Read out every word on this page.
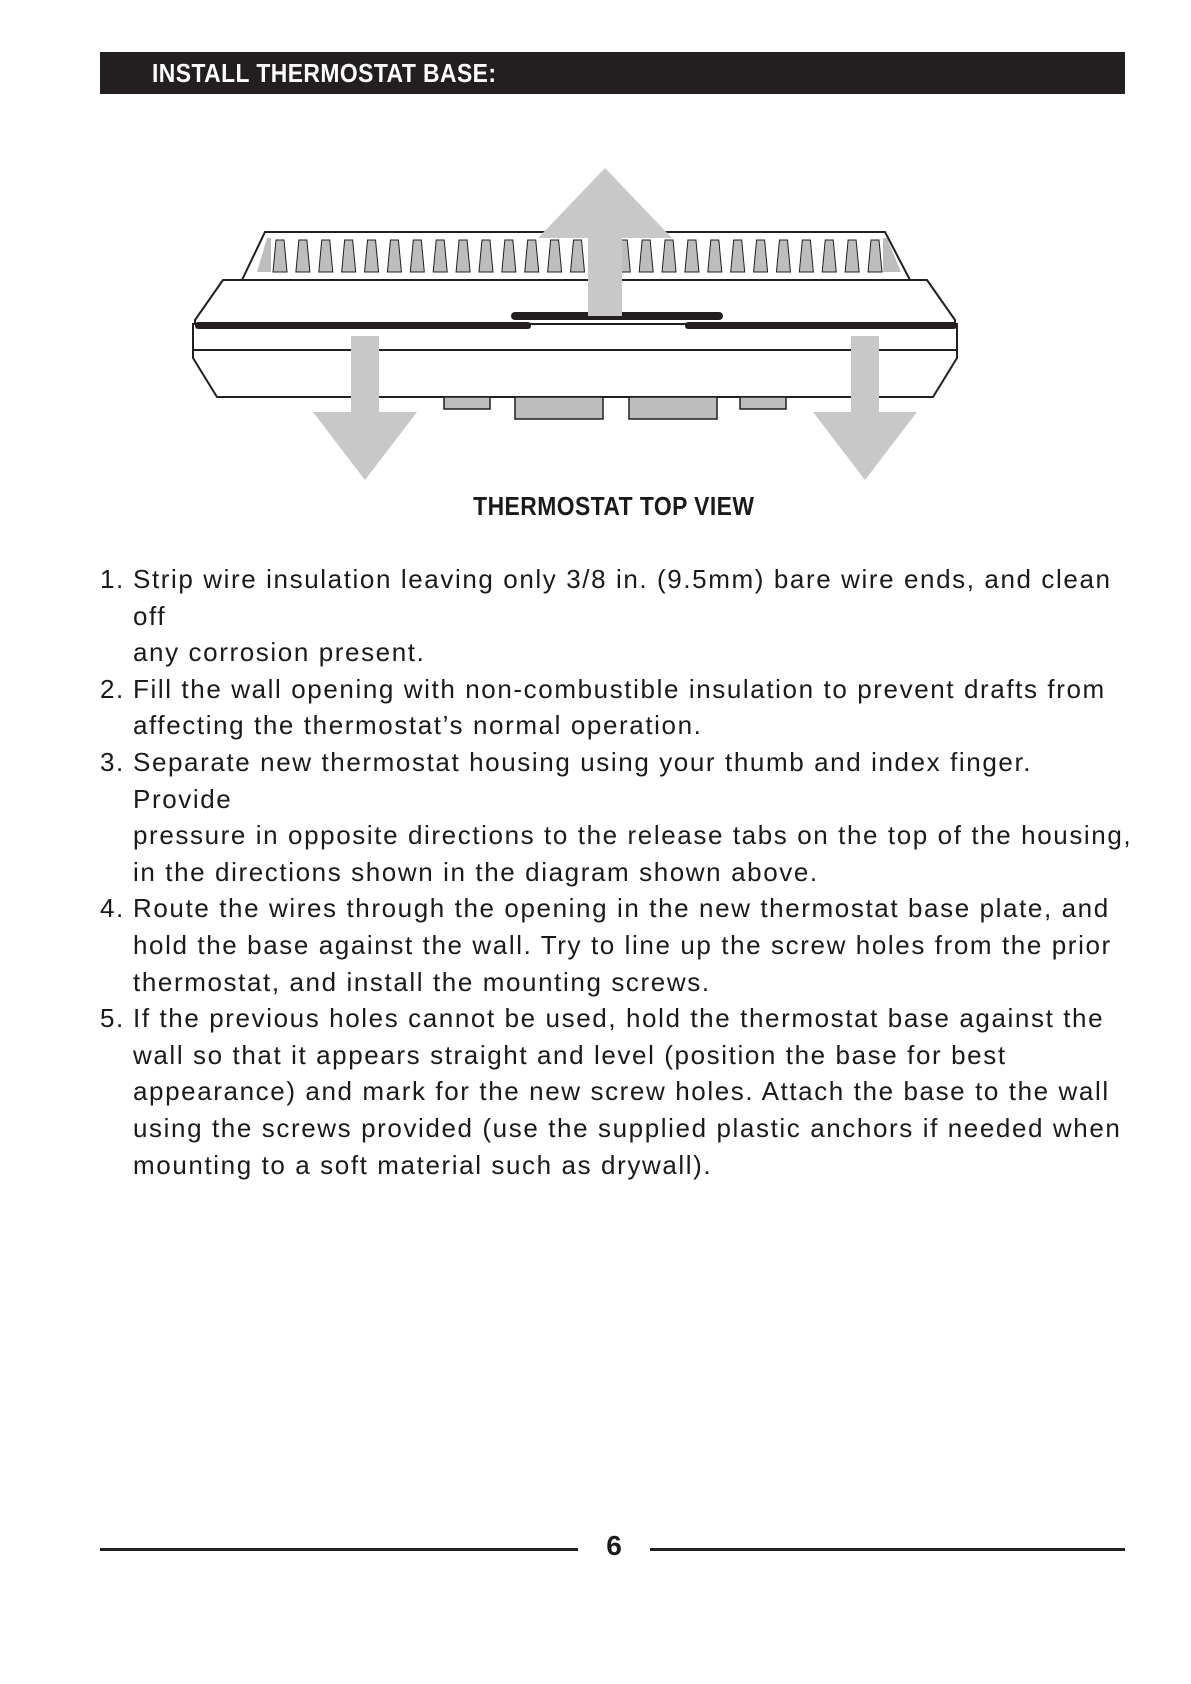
INSTALL THERMOSTAT BASE:
THERMOSTAT TOP VIEW
1. Strip wire insulation leaving only 3/8 in. (9.5mm) bare wire ends, and clean off
any corrosion present.
2. Fill the wall opening with non-combustible insulation to prevent drafts from
affecting the thermostat’s normal operation.
3. Separate new thermostat housing using your thumb and index finger. Provide
pressure in opposite directions to the release tabs on the top of the housing,
in the directions shown in the diagram shown above.
4. Route the wires through the opening in the new thermostat base plate, and
hold the base against the wall. Try to line up the screw holes from the prior
thermostat, and install the mounting screws.
5. If the previous holes cannot be used, hold the thermostat base against the
wall so that it appears straight and level (position the base for best
appearance) and mark for the new screw holes. Attach the base to the wall
using the screws provided (use the supplied plastic anchors if needed when
mounting to a soft material such as drywall).
6
